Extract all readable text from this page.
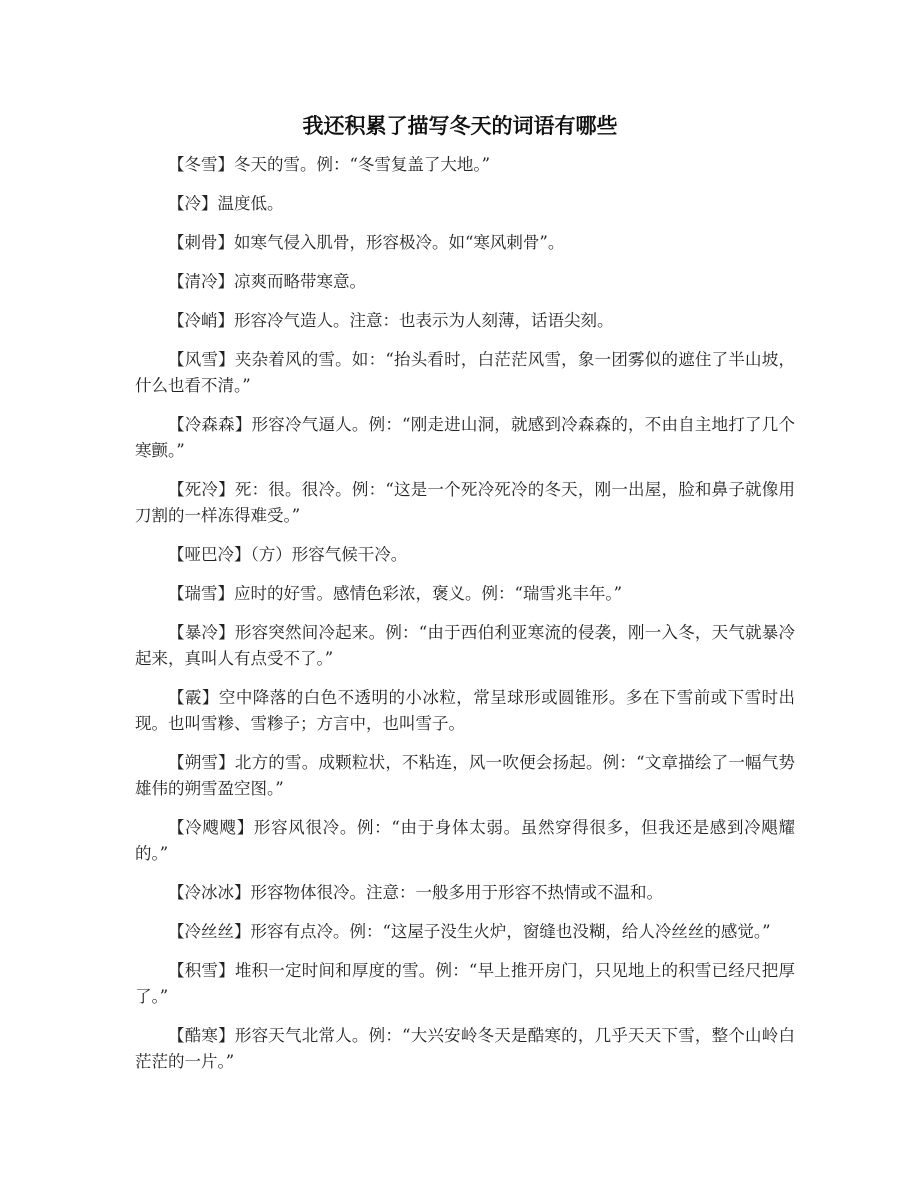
我还积累了描写冬天的词语有哪些

【冬雪】冬天的雪。例：“冬雪复盖了大地。”

【冷】温度低。

【刺骨】如寒气侵入肌骨，形容极冷。如“寒风刺骨”。

【清冷】凉爽而略带寒意。

【冷峭】形容冷气造人。注意：也表示为人刻薄，话语尖刻。

【风雪】夹杂着风的雪。如：“抬头看时，白茫茫风雪，象一团雾似的遮住了半山坡，什么也看不清。”

【冷森森】形容冷气逼人。例：“刚走进山洞，就感到冷森森的，不由自主地打了几个寒颤。”

【死冷】死：很。很冷。例：“这是一个死冷死冷的冬天，刚一出屋，脸和鼻子就像用刀割的一样冻得难受。”

【哑巴冷】（方）形容气候干冷。

【瑞雪】应时的好雪。感情色彩浓，褒义。例：“瑞雪兆丰年。”

【暴冷】形容突然间冷起来。例：“由于西伯利亚寒流的侵袭，刚一入冬，天气就暴冷起来，真叫人有点受不了。”

【霰】空中降落的白色不透明的小冰粒，常呈球形或圆锥形。多在下雪前或下雪时出现。也叫雪糁、雪糁子；方言中，也叫雪子。

【朔雪】北方的雪。成颗粒状，不粘连，风一吹便会扬起。例：“文章描绘了一幅气势雄伟的朔雪盈空图。”

【冷飕飕】形容风很冷。例：“由于身体太弱。虽然穿得很多，但我还是感到冷飓耀的。”

【冷冰冰】形容物体很冷。注意：一般多用于形容不热情或不温和。

【冷丝丝】形容有点冷。例：“这屋子没生火炉，窗缝也没糊，给人冷丝丝的感觉。”

【积雪】堆积一定时间和厚度的雪。例：“早上推开房门，只见地上的积雪已经尺把厚了。”

【酷寒】形容天气北常人。例：“大兴安岭冬天是酷寒的，几乎天天下雪，整个山岭白茫茫的一片。”
